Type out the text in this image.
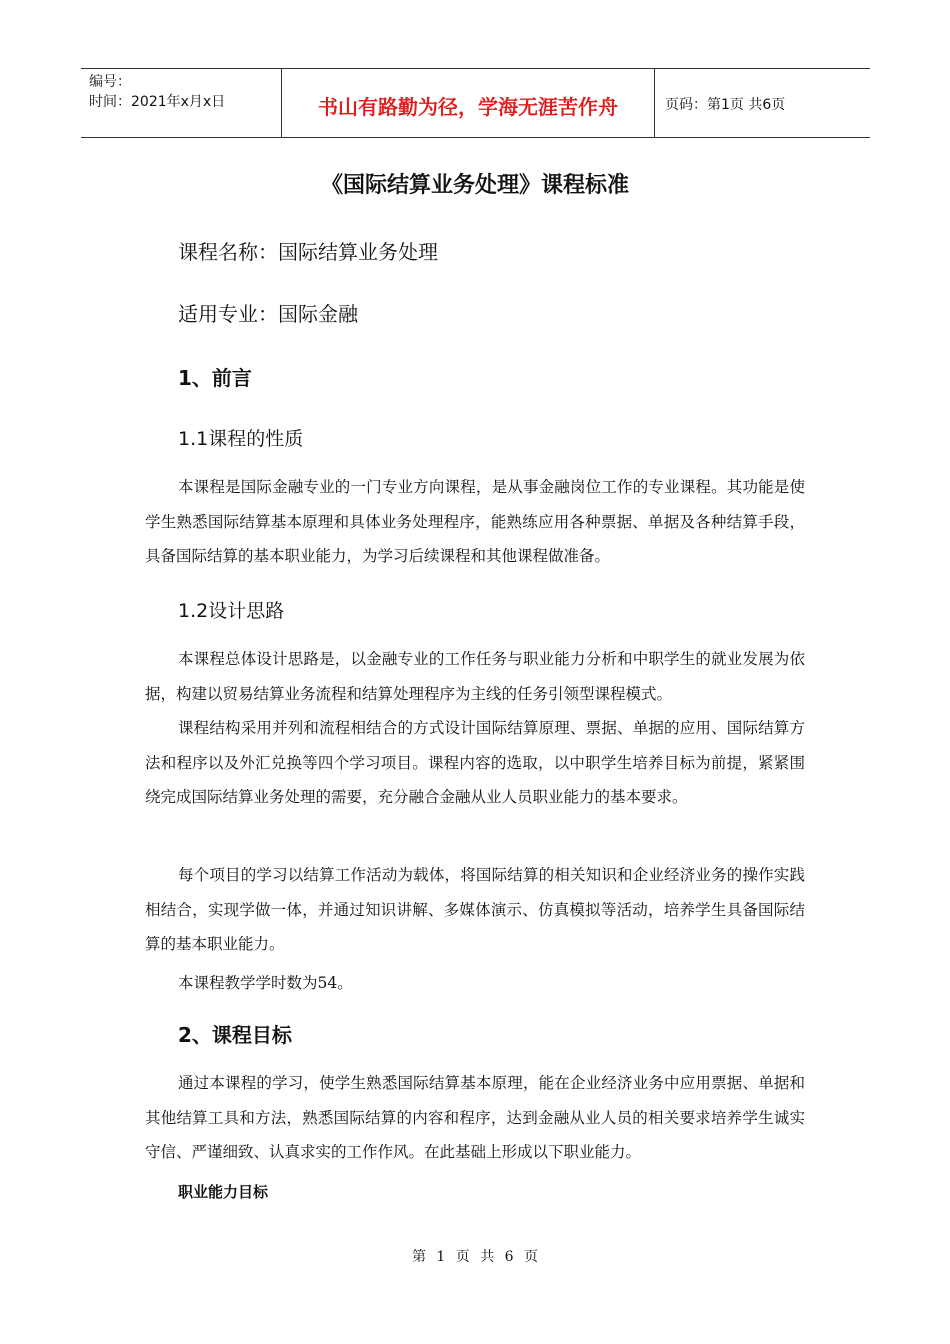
编号：
时间：2021年x月x日	书山有路勤为径，学海无涯苦作舟	页码：第1页 共6页
《国际结算业务处理》课程标准
课程名称：国际结算业务处理
适用专业：国际金融
1、前言
1.1课程的性质

本课程是国际金融专业的一门专业方向课程，是从事金融岗位工作的专业课程。其功能是使学生熟悉国际结算基本原理和具体业务处理程序，能熟练应用各种票据、单据及各种结算手段，具备国际结算的基本职业能力，为学习后续课程和其他课程做准备。

1.2设计思路

本课程总体设计思路是，以金融专业的工作任务与职业能力分析和中职学生的就业发展为依据，构建以贸易结算业务流程和结算处理程序为主线的任务引领型课程模式。

课程结构采用并列和流程相结合的方式设计国际结算原理、票据、单据的应用、国际结算方法和程序以及外汇兑换等四个学习项目。课程内容的选取，以中职学生培养目标为前提，紧紧围绕完成国际结算业务处理的需要，充分融合金融从业人员职业能力的基本要求。

每个项目的学习以结算工作活动为载体，将国际结算的相关知识和企业经济业务的操作实践相结合，实现学做一体，并通过知识讲解、多媒体演示、仿真模拟等活动，培养学生具备国际结算的基本职业能力。

本课程教学学时数为54。

2、课程目标

通过本课程的学习，使学生熟悉国际结算基本原理，能在企业经济业务中应用票据、单据和其他结算工具和方法，熟悉国际结算的内容和程序，达到金融从业人员的相关要求培养学生诚实守信、严谨细致、认真求实的工作作风。在此基础上形成以下职业能力。

职业能力目标
第 1 页 共 6 页
